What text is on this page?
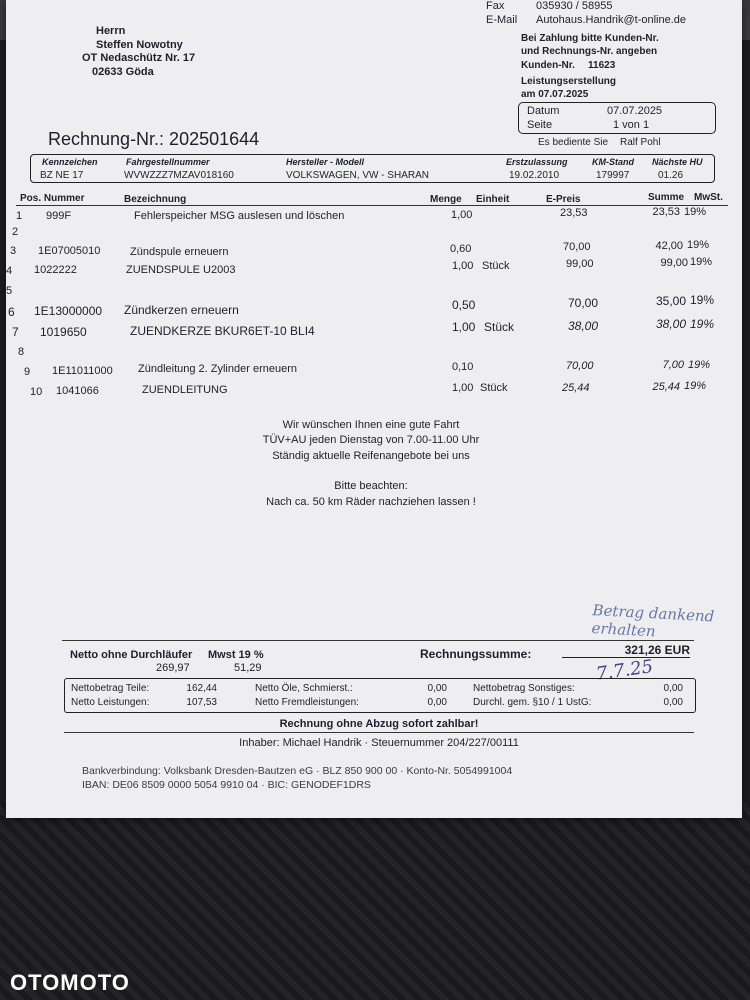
Herrn
Steffen Nowotny
OT Nedaschütz Nr. 17
02633 Göda
Fax	035930 / 58955
E-Mail Autohaus.Handrik@t-online.de
Bei Zahlung bitte Kunden-Nr.
und Rechnungs-Nr. angeben
Kunden-Nr. 11623
Leistungserstellung
am 07.07.2025
Datum	07.07.2025
Seite	1 von 1
Es bediente Sie Ralf Pohl
Rechnung-Nr.: 202501644
Kennzeichen	Fahrgestellnummer	Hersteller - Modell	Erstzulassung	KM-Stand Nächste HU
BZ NE 17	WVWZZZ7MZAV018160	VOLKSWAGEN, VW - SHARAN	19.02.2010	179997	01.26
Pos. Nummer	Bezeichnung	Menge Einheit	E-Preis	Summe MwSt.
1 999F	Fehlerspeicher MSG auslesen und löschen	1,00	23,53	23,53 19%
2
3 1E07005010	Zündspule erneuern	0,60	70,00	42,00 19%
4 1022222	ZUENDSPULE U2003	1,00 Stück	99,00	99,00 19%
5
6 1E13000000 Zündkerzen erneuern	0,50	70,00	35,00 19%
7 1019650	ZUENDKERZE BKUR6ET-10 BLI4	1,00 Stück	38,00	38,00 19%
8
9 1E11011000 Zündleitung 2. Zylinder erneuern	0,10	70,00	7,00 19%
10 1041066	ZUENDLEITUNG	1,00 Stück	25,44	25,44 19%
Wir wünschen Ihnen eine gute Fahrt
TÜV+AU jeden Dienstag von 7.00-11.00 Uhr
Ständig aktuelle Reifenangebote bei uns
Bitte beachten:
Nach ca. 50 km Räder nachziehen lassen !
Betrag dankend erhalten
7.7.25
Netto ohne Durchläufer
269,97
Mwst 19 %
51,29
Rechnungssumme:	321,26 EUR
Nettobetrag Teile:	162,44
Netto Leistungen:	107,53
Netto Öle, Schmierst.:	0,00
Netto Fremdleistungen:	0,00
Nettobetrag Sonstiges:	0,00
Durchl. gem. §10 / 1 UstG:	0,00
Rechnung ohne Abzug sofort zahlbar!
Inhaber: Michael Handrik · Steuernummer 204/227/00111
Bankverbindung: Volksbank Dresden-Bautzen eG · BLZ 850 900 00 · Konto-Nr. 5054991004
IBAN: DE06 8509 0000 5054 9910 04 · BIC: GENODEF1DRS
OTOMOTO
